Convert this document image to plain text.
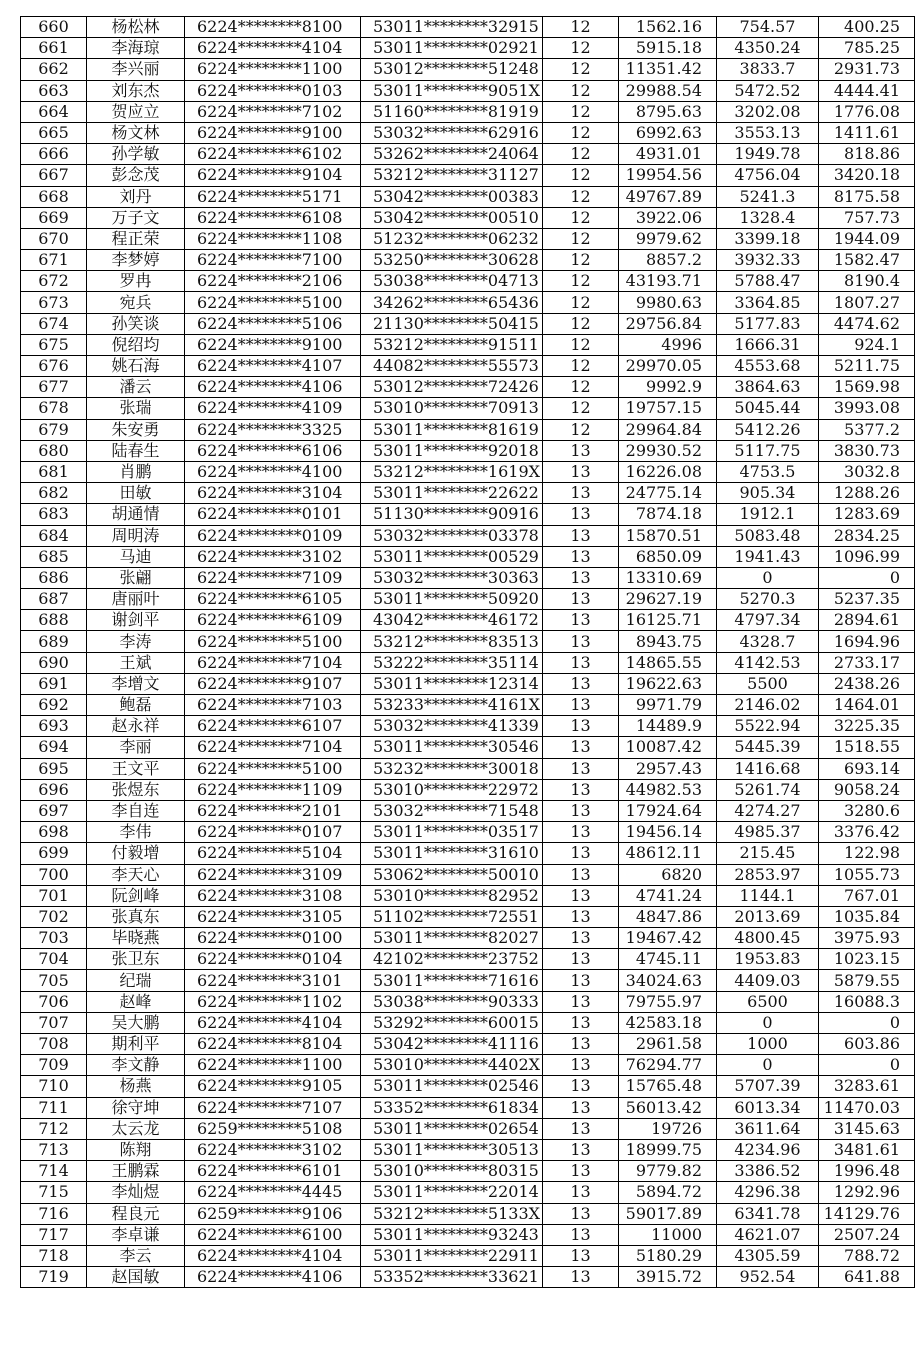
660	杨松林	6224********8100	53011********32915	12	1562.16	754.57	400.25
661	李海琼	6224********4104	53011********02921	12	5915.18	4350.24	785.25
662	李兴丽	6224********1100	53012********51248	12	11351.42	3833.7	2931.73
663	刘东杰	6224********0103	53011********9051X	12	29988.54	5472.52	4444.41
664	贺应立	6224********7102	51160********81919	12	8795.63	3202.08	1776.08
665	杨文林	6224********9100	53032********62916	12	6992.63	3553.13	1411.61
666	孙学敏	6224********6102	53262********24064	12	4931.01	1949.78	818.86
667	彭念茂	6224********9104	53212********31127	12	19954.56	4756.04	3420.18
668	刘丹	6224********5171	53042********00383	12	49767.89	5241.3	8175.58
669	万子文	6224********6108	53042********00510	12	3922.06	1328.4	757.73
670	程正荣	6224********1108	51232********06232	12	9979.62	3399.18	1944.09
671	李梦婷	6224********7100	53250********30628	12	8857.2	3932.33	1582.47
672	罗冉	6224********2106	53038********04713	12	43193.71	5788.47	8190.4
673	宛兵	6224********5100	34262********65436	12	9980.63	3364.85	1807.27
674	孙笑谈	6224********5106	21130********50415	12	29756.84	5177.83	4474.62
675	倪绍均	6224********9100	53212********91511	12	4996	1666.31	924.1
676	姚石海	6224********4107	44082********55573	12	29970.05	4553.68	5211.75
677	潘云	6224********4106	53012********72426	12	9992.9	3864.63	1569.98
678	张瑞	6224********4109	53010********70913	12	19757.15	5045.44	3993.08
679	朱安勇	6224********3325	53011********81619	12	29964.84	5412.26	5377.2
680	陆春生	6224********6106	53011********92018	13	29930.52	5117.75	3830.73
681	肖鹏	6224********4100	53212********1619X	13	16226.08	4753.5	3032.8
682	田敏	6224********3104	53011********22622	13	24775.14	905.34	1288.26
683	胡通情	6224********0101	51130********90916	13	7874.18	1912.1	1283.69
684	周明涛	6224********0109	53032********03378	13	15870.51	5083.48	2834.25
685	马迪	6224********3102	53011********00529	13	6850.09	1941.43	1096.99
686	张翩	6224********7109	53032********30363	13	13310.69	0	0
687	唐丽叶	6224********6105	53011********50920	13	29627.19	5270.3	5237.35
688	谢剑平	6224********6109	43042********46172	13	16125.71	4797.34	2894.61
689	李涛	6224********5100	53212********83513	13	8943.75	4328.7	1694.96
690	王斌	6224********7104	53222********35114	13	14865.55	4142.53	2733.17
691	李增文	6224********9107	53011********12314	13	19622.63	5500	2438.26
692	鲍磊	6224********7103	53233********4161X	13	9971.79	2146.02	1464.01
693	赵永祥	6224********6107	53032********41339	13	14489.9	5522.94	3225.35
694	李丽	6224********7104	53011********30546	13	10087.42	5445.39	1518.55
695	王文平	6224********5100	53232********30018	13	2957.43	1416.68	693.14
696	张煜东	6224********1109	53010********22972	13	44982.53	5261.74	9058.24
697	李自连	6224********2101	53032********71548	13	17924.64	4274.27	3280.6
698	李伟	6224********0107	53011********03517	13	19456.14	4985.37	3376.42
699	付毅增	6224********5104	53011********31610	13	48612.11	215.45	122.98
700	李天心	6224********3109	53062********50010	13	6820	2853.97	1055.73
701	阮剑峰	6224********3108	53010********82952	13	4741.24	1144.1	767.01
702	张真东	6224********3105	51102********72551	13	4847.86	2013.69	1035.84
703	毕晓燕	6224********0100	53011********82027	13	19467.42	4800.45	3975.93
704	张卫东	6224********0104	42102********23752	13	4745.11	1953.83	1023.15
705	纪瑞	6224********3101	53011********71616	13	34024.63	4409.03	5879.55
706	赵峰	6224********1102	53038********90333	13	79755.97	6500	16088.3
707	吴大鹏	6224********4104	53292********60015	13	42583.18	0	0
708	期利平	6224********8104	53042********41116	13	2961.58	1000	603.86
709	李文静	6224********1100	53010********4402X	13	76294.77	0	0
710	杨燕	6224********9105	53011********02546	13	15765.48	5707.39	3283.61
711	徐守坤	6224********7107	53352********61834	13	56013.42	6013.34	11470.03
712	太云龙	6259********5108	53011********02654	13	19726	3611.64	3145.63
713	陈翔	6224********3102	53011********30513	13	18999.75	4234.96	3481.61
714	王鹏霖	6224********6101	53010********80315	13	9779.82	3386.52	1996.48
715	李灿煜	6224********4445	53011********22014	13	5894.72	4296.38	1292.96
716	程良元	6259********9106	53212********5133X	13	59017.89	6341.78	14129.76
717	李卓谦	6224********6100	53011********93243	13	11000	4621.07	2507.24
718	李云	6224********4104	53011********22911	13	5180.29	4305.59	788.72
719	赵国敏	6224********4106	53352********33621	13	3915.72	952.54	641.88
